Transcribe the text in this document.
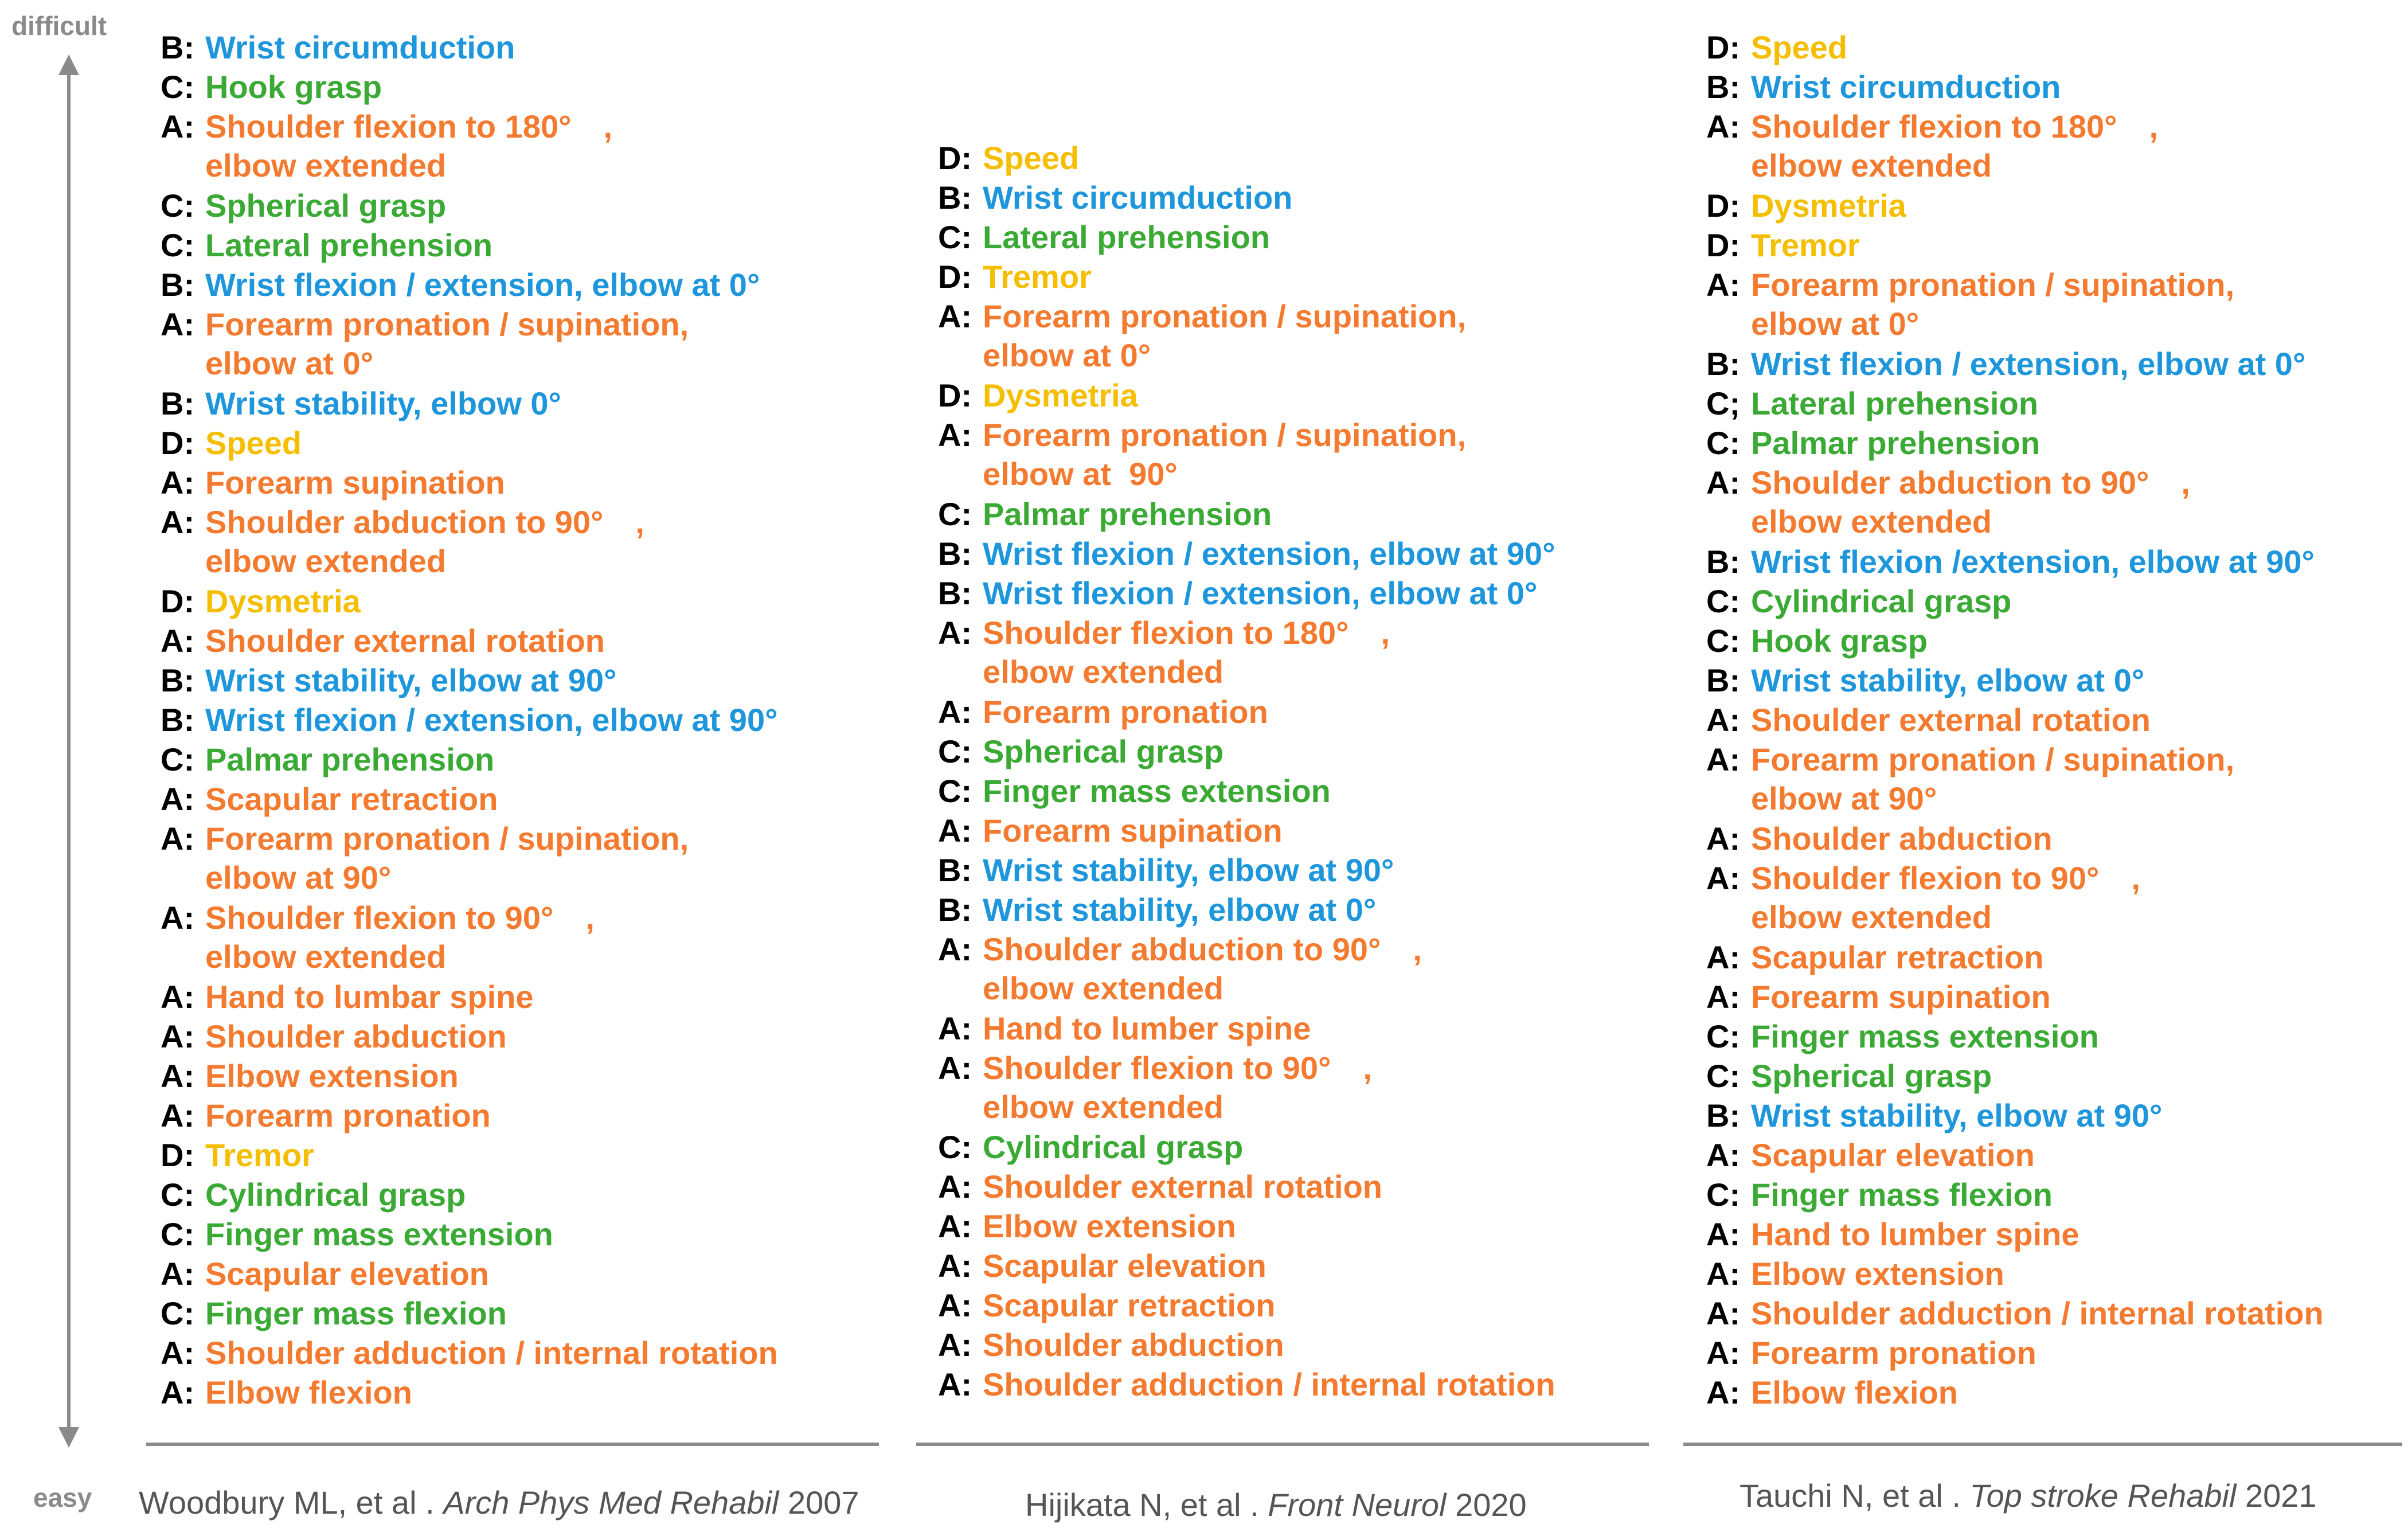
difficult
easy
B: Wrist circumduction
C: Hook grasp
A: Shoulder flexion to 180°　,
elbow extended
C: Spherical grasp
C: Lateral prehension
B: Wrist flexion / extension, elbow at 0°
A: Forearm pronation / supination,
elbow at 0°
B: Wrist stability, elbow 0°
D: Speed
A: Forearm supination
A: Shoulder abduction to 90°　,
elbow extended
D: Dysmetria
A: Shoulder external rotation
B: Wrist stability, elbow at 90°
B: Wrist flexion / extension, elbow at 90°
C: Palmar prehension
A: Scapular retraction
A: Forearm pronation / supination,
elbow at 90°
A: Shoulder flexion to 90°　,
elbow extended
A: Hand to lumbar spine
A: Shoulder abduction
A: Elbow extension
A: Forearm pronation
D: Tremor
C: Cylindrical grasp
C: Finger mass extension
A: Scapular elevation
C: Finger mass flexion
A: Shoulder adduction / internal rotation
A: Elbow flexion
D: Speed
B: Wrist circumduction
C: Lateral prehension
D: Tremor
A: Forearm pronation / supination,
elbow at 0°
D: Dysmetria
A: Forearm pronation / supination,
elbow at  90°
C: Palmar prehension
B: Wrist flexion / extension, elbow at 90°
B: Wrist flexion / extension, elbow at 0°
A: Shoulder flexion to 180°　,
elbow extended
A: Forearm pronation
C: Spherical grasp
C: Finger mass extension
A: Forearm supination
B: Wrist stability, elbow at 90°
B: Wrist stability, elbow at 0°
A: Shoulder abduction to 90°　,
elbow extended
A: Hand to lumber spine
A: Shoulder flexion to 90°　,
elbow extended
C: Cylindrical grasp
A: Shoulder external rotation
A: Elbow extension
A: Scapular elevation
A: Scapular retraction
A: Shoulder abduction
A: Shoulder adduction / internal rotation
D: Speed
B: Wrist circumduction
A: Shoulder flexion to 180°　,
elbow extended
D: Dysmetria
D: Tremor
A: Forearm pronation / supination,
elbow at 0°
B: Wrist flexion / extension, elbow at 0°
C; Lateral prehension
C: Palmar prehension
A: Shoulder abduction to 90°　,
elbow extended
B: Wrist flexion /extension, elbow at 90°
C: Cylindrical grasp
C: Hook grasp
B: Wrist stability, elbow at 0°
A: Shoulder external rotation
A: Forearm pronation / supination,
elbow at 90°
A: Shoulder abduction
A: Shoulder flexion to 90°　,
elbow extended
A: Scapular retraction
A: Forearm supination
C: Finger mass extension
C: Spherical grasp
B: Wrist stability, elbow at 90°
A: Scapular elevation
C: Finger mass flexion
A: Hand to lumber spine
A: Elbow extension
A: Shoulder adduction / internal rotation
A: Forearm pronation
A: Elbow flexion
Woodbury ML, et al . Arch Phys Med Rehabil 2007	Hijikata N, et al . Front Neurol 2020	Tauchi N, et al . Top stroke Rehabil 2021
